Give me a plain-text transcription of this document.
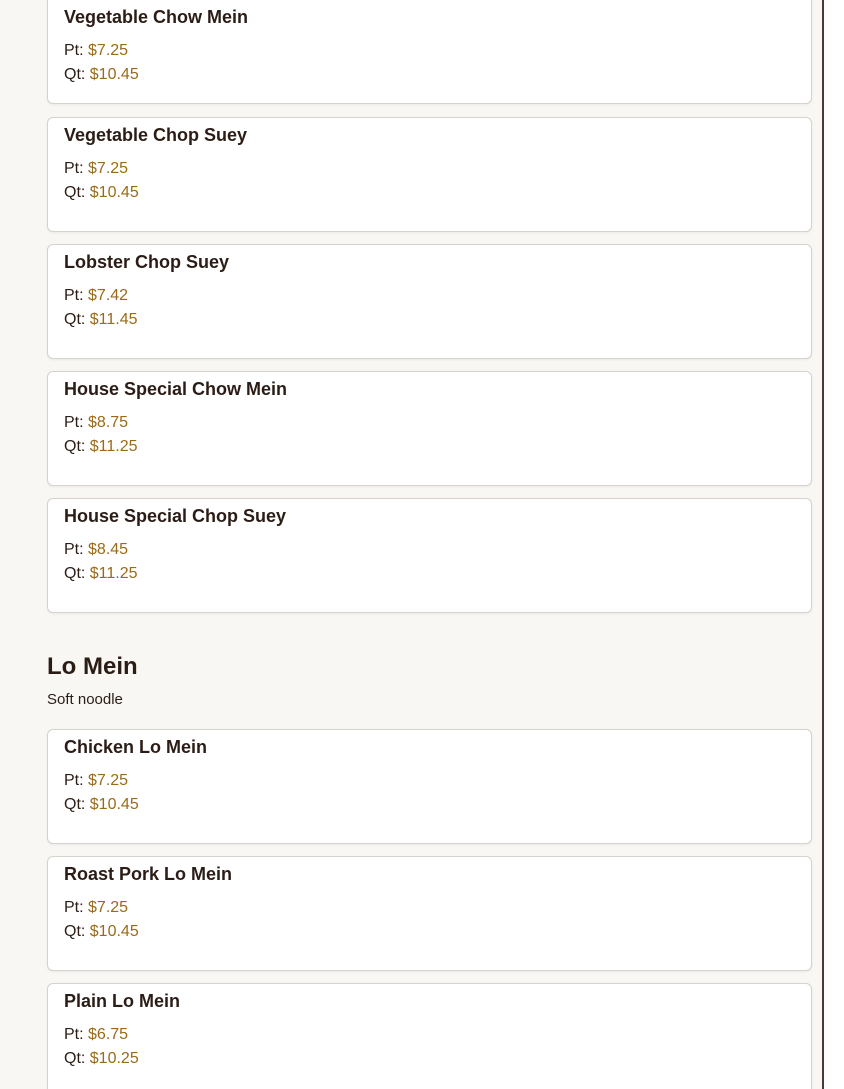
Vegetable Chow Mein
Pt: $7.25
Qt: $10.45
Vegetable Chop Suey
Pt: $7.25
Qt: $10.45
Lobster Chop Suey
Pt: $7.42
Qt: $11.45
House Special Chow Mein
Pt: $8.75
Qt: $11.25
House Special Chop Suey
Pt: $8.45
Qt: $11.25
Lo Mein
Soft noodle
Chicken Lo Mein
Pt: $7.25
Qt: $10.45
Roast Pork Lo Mein
Pt: $7.25
Qt: $10.45
Plain Lo Mein
Pt: $6.75
Qt: $10.25
